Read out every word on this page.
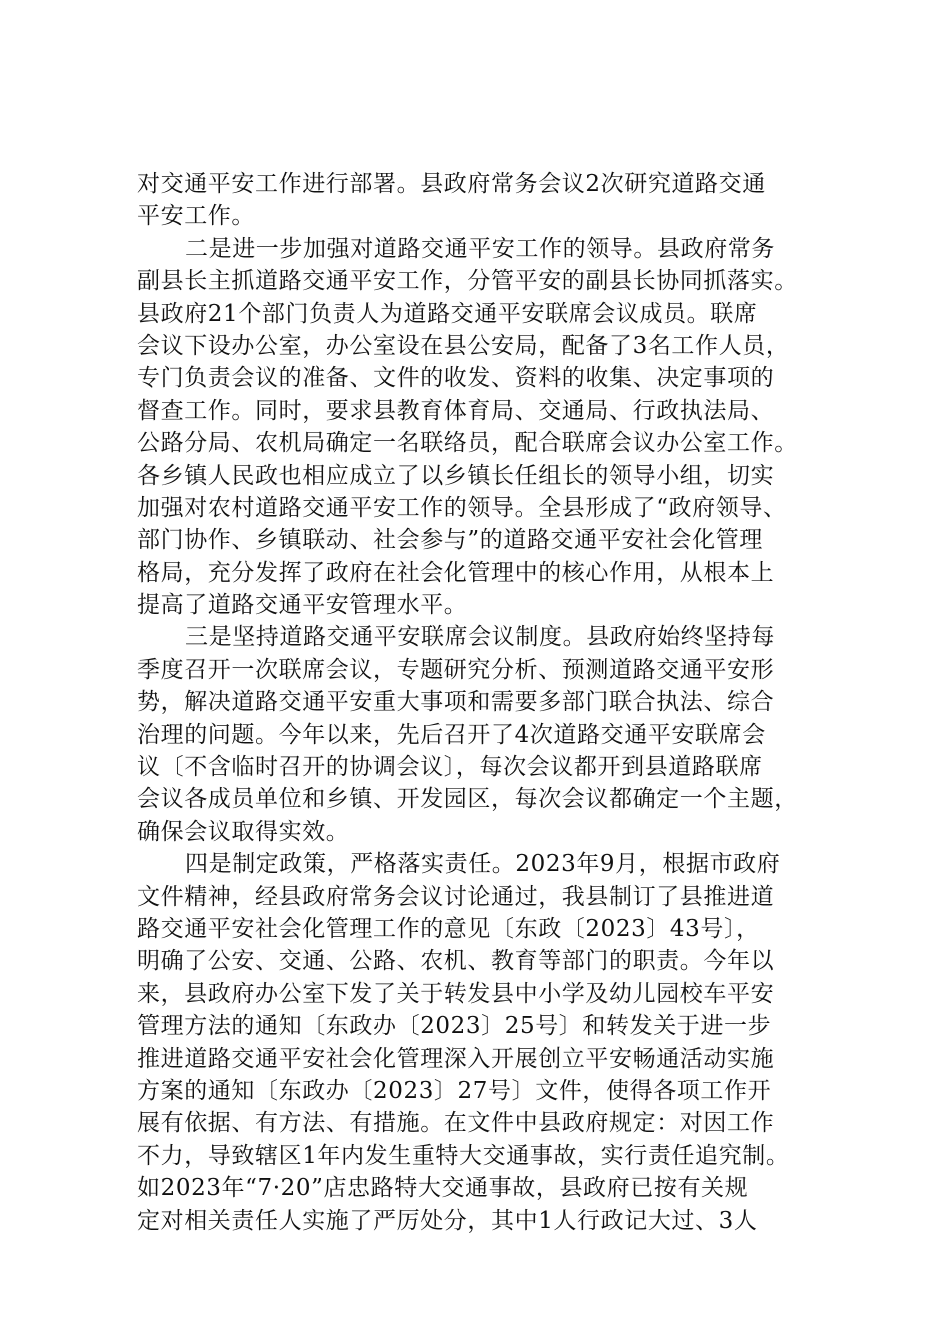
对交通平安工作进行部署。县政府常务会议2次研究道路交通
平安工作。
二是进一步加强对道路交通平安工作的领导。县政府常务
副县长主抓道路交通平安工作，分管平安的副县长协同抓落实。
县政府21个部门负责人为道路交通平安联席会议成员。联席
会议下设办公室，办公室设在县公安局，配备了3名工作人员，
专门负责会议的准备、文件的收发、资料的收集、决定事项的
督查工作。同时，要求县教育体育局、交通局、行政执法局、
公路分局、农机局确定一名联络员，配合联席会议办公室工作。
各乡镇人民政也相应成立了以乡镇长任组长的领导小组，切实
加强对农村道路交通平安工作的领导。全县形成了“政府领导、
部门协作、乡镇联动、社会参与”的道路交通平安社会化管理
格局，充分发挥了政府在社会化管理中的核心作用，从根本上
提高了道路交通平安管理水平。
三是坚持道路交通平安联席会议制度。县政府始终坚持每
季度召开一次联席会议，专题研究分析、预测道路交通平安形
势，解决道路交通平安重大事项和需要多部门联合执法、综合
治理的问题。今年以来，先后召开了4次道路交通平安联席会
议〔不含临时召开的协调会议〕，每次会议都开到县道路联席
会议各成员单位和乡镇、开发园区，每次会议都确定一个主题，
确保会议取得实效。
四是制定政策，严格落实责任。2023年9月，根据市政府
文件精神，经县政府常务会议讨论通过，我县制订了县推进道
路交通平安社会化管理工作的意见〔东政〔2023〕43号〕，
明确了公安、交通、公路、农机、教育等部门的职责。今年以
来，县政府办公室下发了关于转发县中小学及幼儿园校车平安
管理方法的通知〔东政办〔2023〕25号〕和转发关于进一步
推进道路交通平安社会化管理深入开展创立平安畅通活动实施
方案的通知〔东政办〔2023〕27号〕文件，使得各项工作开
展有依据、有方法、有措施。在文件中县政府规定：对因工作
不力，导致辖区1年内发生重特大交通事故，实行责任追究制。
如2023年“7·20”店忠路特大交通事故，县政府已按有关规
定对相关责任人实施了严厉处分，其中1人行政记大过、3人
